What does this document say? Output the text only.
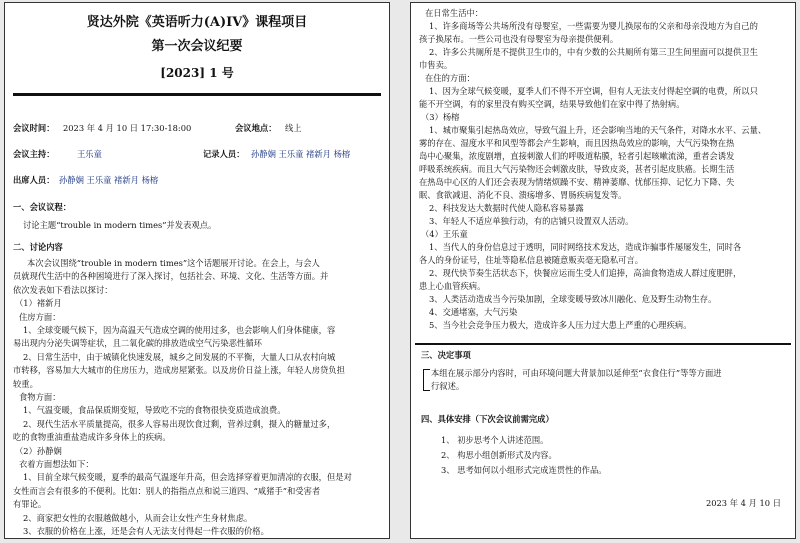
贤达外院《英语听力(A)IV》课程项目
第一次会议纪要
[2023] 1 号
会议时间： 2023 年 4 月 10 日 17:30-18:00	会议地点： 线上
会议主持：	王乐童	记录人员： 孙静娴 王乐童 褚新月 杨榕
出席人员： 孙静娴 王乐童 褚新月 杨榕
一、会议议程：
讨论主题“trouble in modern times”并发表观点。
二、讨论内容
本次会议围绕“trouble in modern times”这个话题展开讨论。在会上，与会人
员就现代生活中的各种困境进行了深入探讨，包括社会、环境、文化、生活等方面。并
依次发表如下看法以探讨：
（1）褚新月
住房方面：
1、全球变暖气候下，因为高温天气造成空调的使用过多，也会影响人们身体健康，容
易出现内分泌失调等症状，且二氧化碳的排放造成空气污染恶性循环
2、日常生活中，由于城镇化快速发展，城乡之间发展的不平衡，大量人口从农村向城
市转移，容易加大大城市的住房压力，造成房屋紧张。以及房价日益上涨，年轻人房贷负担
较重。
食物方面：
1、气温变暖，食品保质期变短，导致吃不完的食物很快变质造成浪费。
2、现代生活水平质量提高，很多人容易出现饮食过剩，营养过剩，摄入的糖量过多，
吃的食物重油重盐造成许多身体上的疾病。
（2）孙静娴
衣着方面想法如下：
1、目前全球气候变暖，夏季的最高气温逐年升高，但会选择穿着更加清凉的衣服，但是对
女性而言会有很多的不便利。比如：别人的指指点点和说三道四、“咸猪手”和受害者
有罪论。
2、商家把女性的衣服越做越小，从而会让女性产生身材焦虑。
3、衣服的价格在上涨，还是会有人无法支付得起一件衣服的价格。
在日常生活中：
1、许多商场等公共场所没有母婴室，一些需要为婴儿换尿布的父亲和母亲没地方为自己的
孩子换尿布。一些公司也没有母婴室为母亲提供便利。
2、许多公共厕所是不提供卫生巾的，中有少数的公共厕所有第三卫生间里面可以提供卫生
巾售卖。
在住的方面：
1、因为全球气候变暖，夏季人们不得不开空调，但有人无法支付得起空调的电费，所以只
能不开空调，有的家里没有购买空调，结果导致他们在家中得了热射病。
（3）杨榕
1、城市聚集引起热岛效应，导致气温上升，还会影响当地的天气条件，对降水水平、云量、
雾的存在、湿度水平和风型等都会产生影响，而且因热岛效应的影响，大气污染物在热
岛中心聚集，浓度剧增，直接刺激人们的呼吸道粘膜，轻者引起咳嗽流涕，重者会诱发
呼吸系统疾病。而且大气污染物还会刺激皮肤，导致皮炎，甚者引起皮肤癌。长期生活
在热岛中心区的人们还会表现为情绪烦躁不安、精神萎靡、忧郁压抑、记忆力下降、失
眠、食欲减退、消化不良、溃疡增多、胃肠疾病复发等。
2、科技发达大数据时代使人隐私容易暴露
3、年轻人不适应单独行动，有的店铺只设置双人活动。
（4）王乐童
1、当代人的身份信息过于透明，同时网络技术发达，造成诈骗事件屡屡发生，同时各
各人的身份证号，住址等隐私信息被随意贩卖毫无隐私可言。
2、现代快节奏生活状态下，快餐应运而生受人们追捧，高油食物造成人群过度肥胖，
患上心血管疾病。
3、人类活动造成当今污染加剧，全球变暖导致冰川融化、危及野生动物生存。
4、交通堵塞，大气污染
5、当今社会竞争压力极大，造成许多人压力过大患上严重的心理疾病。
三、决定事项
本组在展示部分内容时，可由环境问题大背景加以延伸至“衣食住行”等等方面进
行叙述。
四、具体安排（下次会议前需完成）
1、 初步思考个人讲述范围。
2、 构思小组创新形式及内容。
3、 思考如何以小组形式完成连贯性的作品。
2023 年 4 月 10 日
